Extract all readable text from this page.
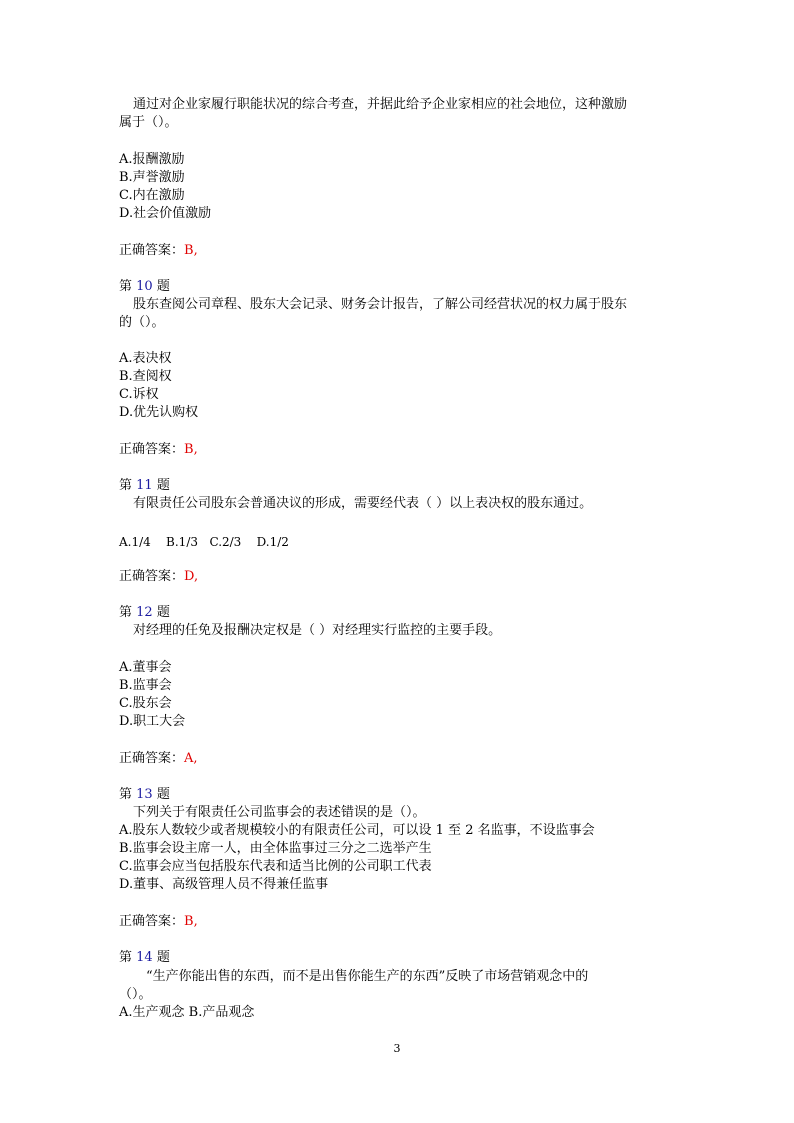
通过对企业家履行职能状况的综合考查，并据此给予企业家相应的社会地位，这种激励
属于（）。
A.报酬激励
B.声誉激励
C.内在激励
D.社会价值激励
正确答案：B,
第 10 题
股东查阅公司章程、股东大会记录、财务会计报告，了解公司经营状况的权力属于股东
的（）。
A.表决权
B.查阅权
C.诉权
D.优先认购权
正确答案：B,
第 11 题
有限责任公司股东会普通决议的形成，需要经代表（ ）以上表决权的股东通过。
A.1/4    B.1/3   C.2/3    D.1/2
正确答案：D,
第 12 题
对经理的任免及报酬决定权是（ ）对经理实行监控的主要手段。
A.董事会
B.监事会
C.股东会
D.职工大会
正确答案：A,
第 13 题
下列关于有限责任公司监事会的表述错误的是（）。
A.股东人数较少或者规模较小的有限责任公司，可以设 1 至 2 名监事，不设监事会
B.监事会设主席一人，由全体监事过三分之二选举产生
C.监事会应当包括股东代表和适当比例的公司职工代表
D.董事、高级管理人员不得兼任监事
正确答案：B,
第 14 题
“生产你能出售的东西，而不是出售你能生产的东西”反映了市场营销观念中的
（）。
A.生产观念 B.产品观念
3
